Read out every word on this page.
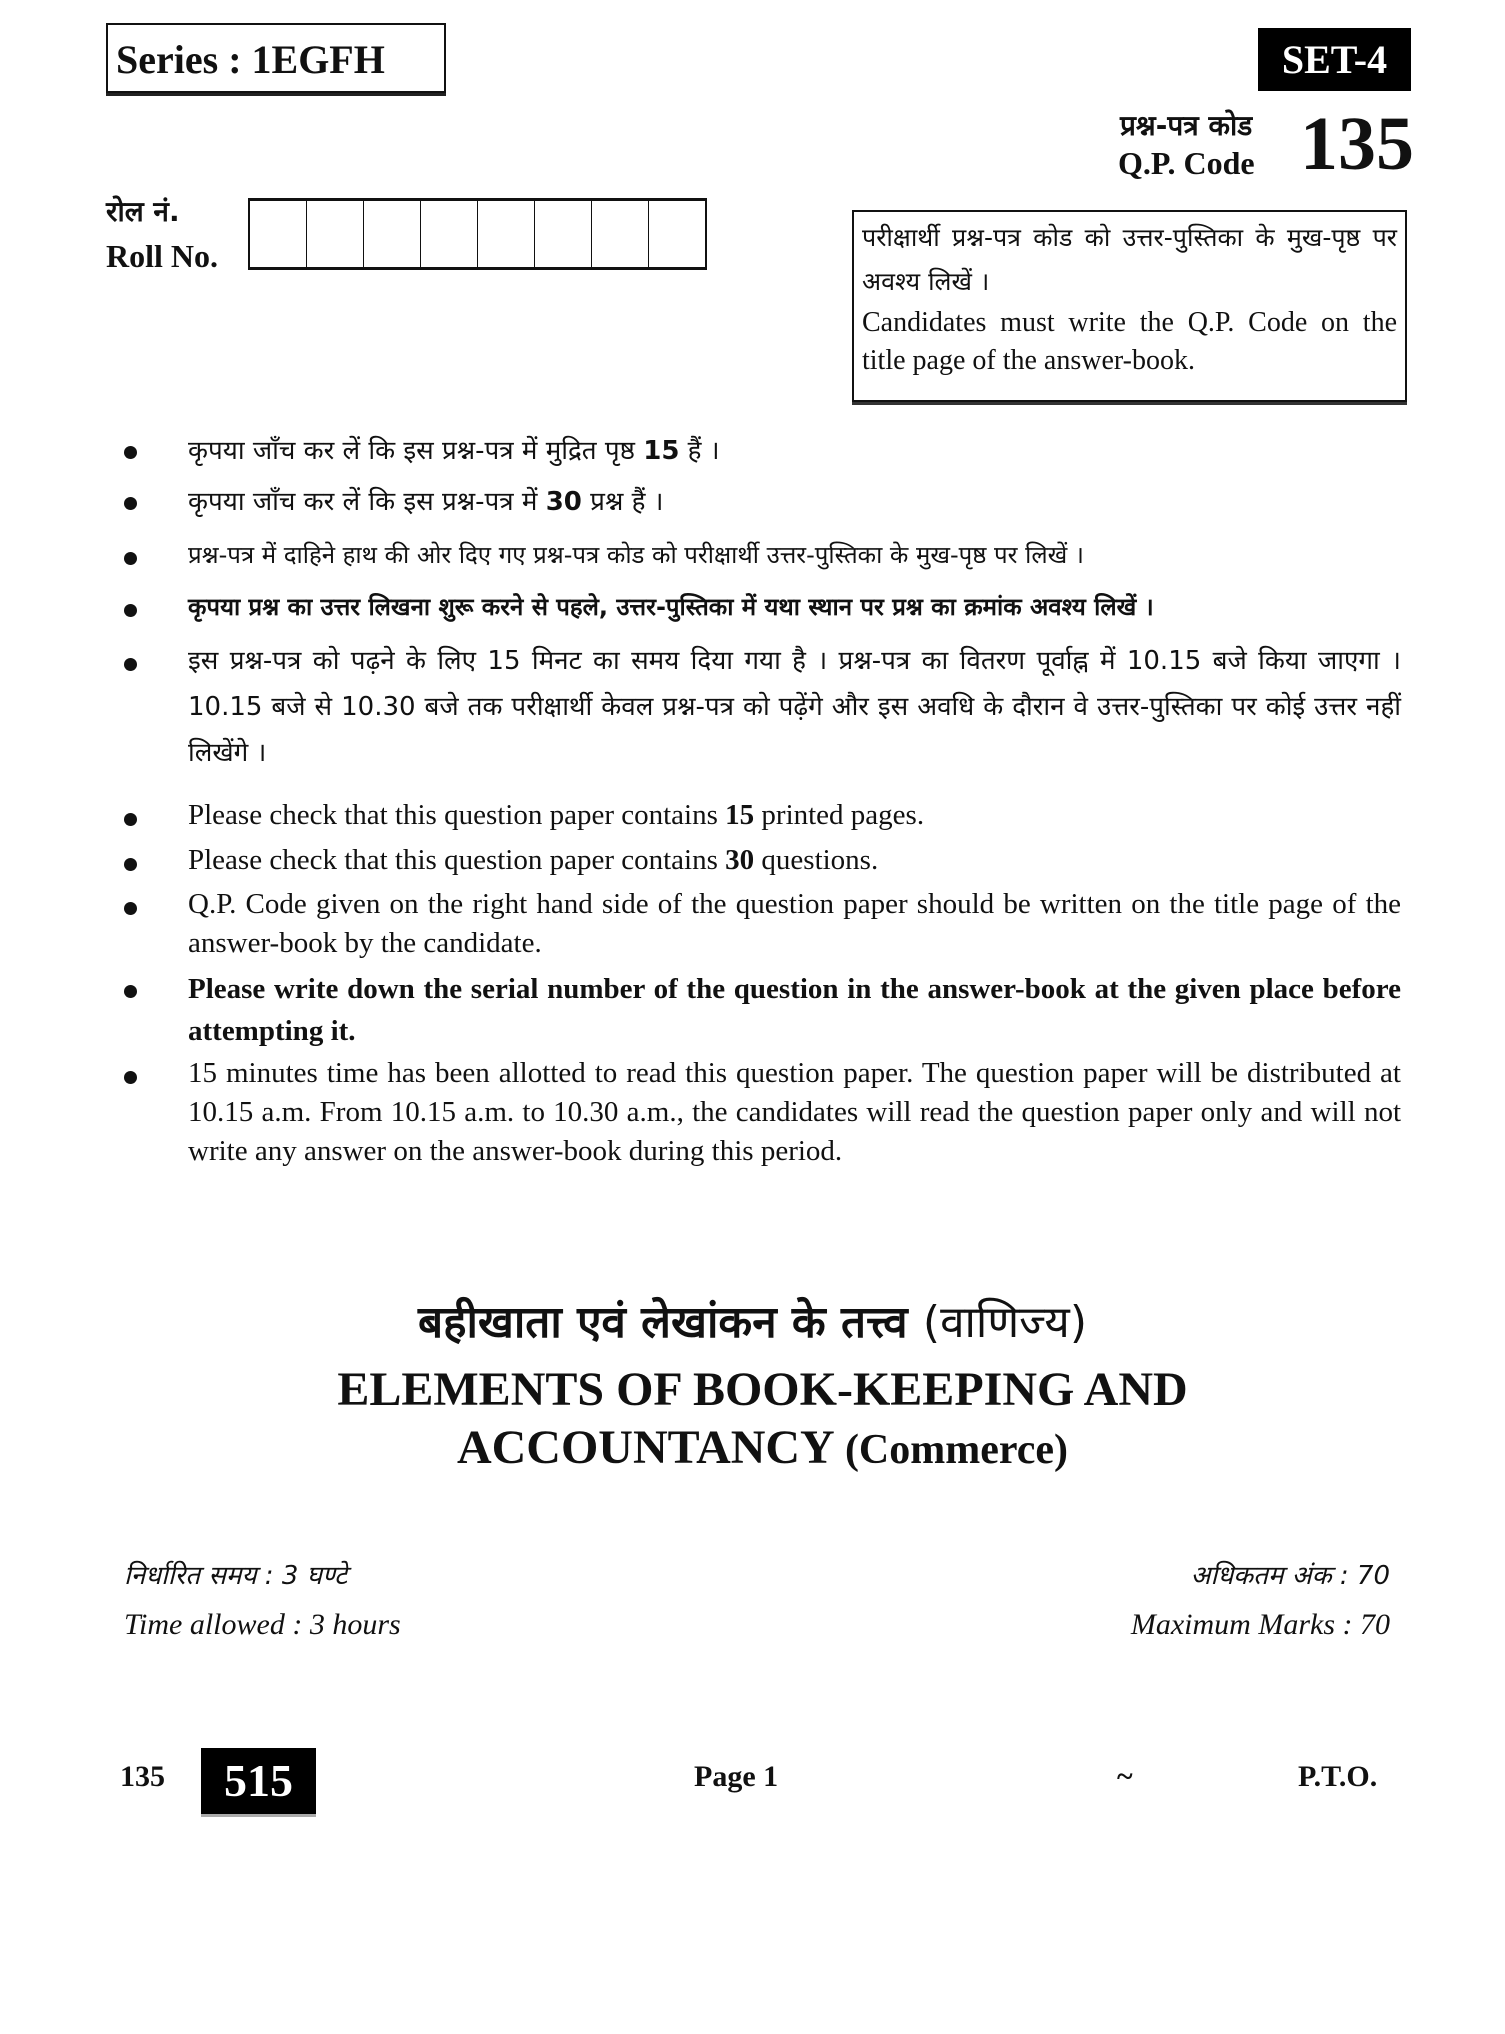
Series : 1EGFH	SET-4
प्रश्न-पत्र कोड
Q.P. Code 135
रोल नं.
Roll No.
परीक्षार्थी प्रश्न-पत्र कोड को उत्तर-पुस्तिका के मुख-पृष्ठ पर अवश्य लिखें ।
Candidates must write the Q.P. Code on the title page of the answer-book.
कृपया जाँच कर लें कि इस प्रश्न-पत्र में मुद्रित पृष्ठ 15 हैं ।
कृपया जाँच कर लें कि इस प्रश्न-पत्र में 30 प्रश्न हैं ।
प्रश्न-पत्र में दाहिने हाथ की ओर दिए गए प्रश्न-पत्र कोड को परीक्षार्थी उत्तर-पुस्तिका के मुख-पृष्ठ पर लिखें ।
कृपया प्रश्न का उत्तर लिखना शुरू करने से पहले, उत्तर-पुस्तिका में यथा स्थान पर प्रश्न का क्रमांक अवश्य लिखें ।
इस प्रश्न-पत्र को पढ़ने के लिए 15 मिनट का समय दिया गया है । प्रश्न-पत्र का वितरण पूर्वाह्न में 10.15 बजे किया जाएगा । 10.15 बजे से 10.30 बजे तक परीक्षार्थी केवल प्रश्न-पत्र को पढ़ेंगे और इस अवधि के दौरान वे उत्तर-पुस्तिका पर कोई उत्तर नहीं लिखेंगे ।
Please check that this question paper contains 15 printed pages.
Please check that this question paper contains 30 questions.
Q.P. Code given on the right hand side of the question paper should be written on the title page of the answer-book by the candidate.
Please write down the serial number of the question in the answer-book at the given place before attempting it.
15 minutes time has been allotted to read this question paper. The question paper will be distributed at 10.15 a.m. From 10.15 a.m. to 10.30 a.m., the candidates will read the question paper only and will not write any answer on the answer-book during this period.
बहीखाता एवं लेखांकन के तत्त्व (वाणिज्य)
ELEMENTS OF BOOK-KEEPING AND
ACCOUNTANCY (Commerce)
निर्धारित समय : 3 घण्टे
Time allowed : 3 hours
अधिकतम अंक : 70
Maximum Marks : 70
135	515	Page 1	~	P.T.O.
